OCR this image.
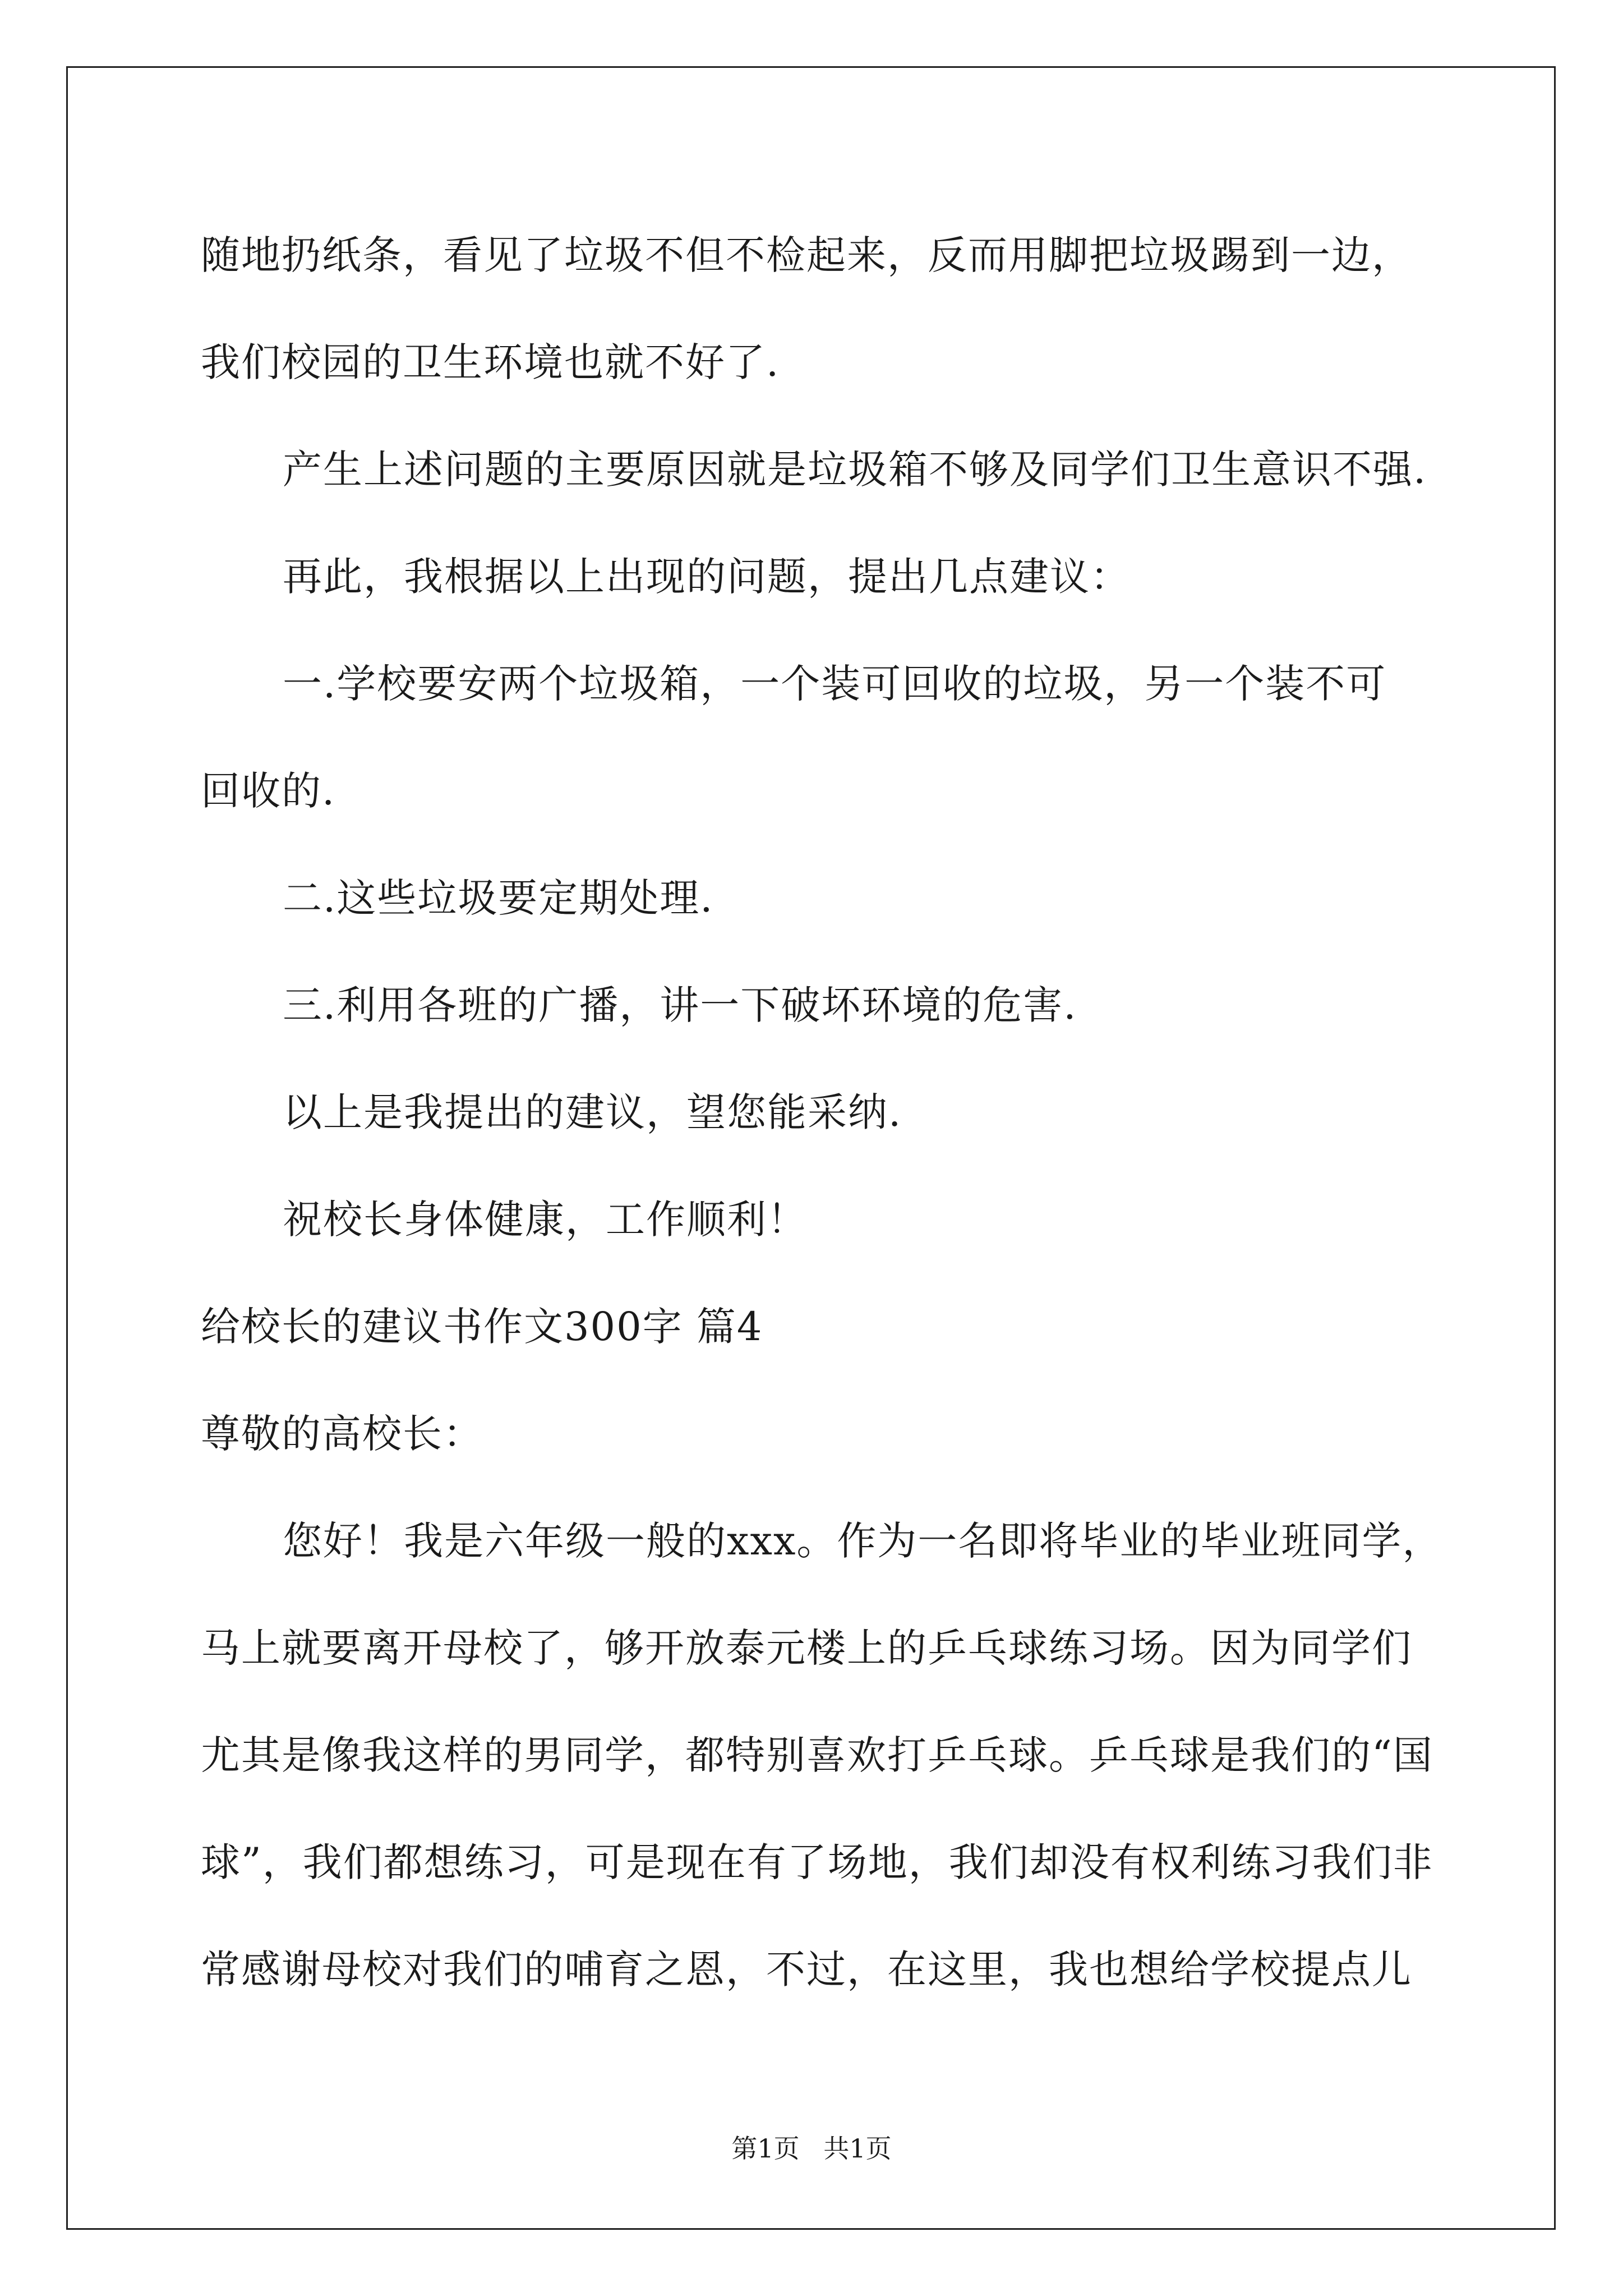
随地扔纸条，看见了垃圾不但不检起来，反而用脚把垃圾踢到一边，
我们校园的卫生环境也就不好了.
产生上述问题的主要原因就是垃圾箱不够及同学们卫生意识不强.
再此，我根据以上出现的问题，提出几点建议：
一.学校要安两个垃圾箱，一个装可回收的垃圾，另一个装不可
回收的.
二.这些垃圾要定期处理.
三.利用各班的广播，讲一下破坏环境的危害.
以上是我提出的建议，望您能采纳.
祝校长身体健康，工作顺利！
给校长的建议书作文300字 篇4
尊敬的高校长：
您好！我是六年级一般的xxx。作为一名即将毕业的毕业班同学，
马上就要离开母校了，够开放泰元楼上的乒乓球练习场。因为同学们
尤其是像我这样的男同学，都特别喜欢打乒乓球。乒乓球是我们的“国
球”，我们都想练习，可是现在有了场地，我们却没有权利练习我们非
常感谢母校对我们的哺育之恩，不过，在这里，我也想给学校提点儿
第1页 共1页
